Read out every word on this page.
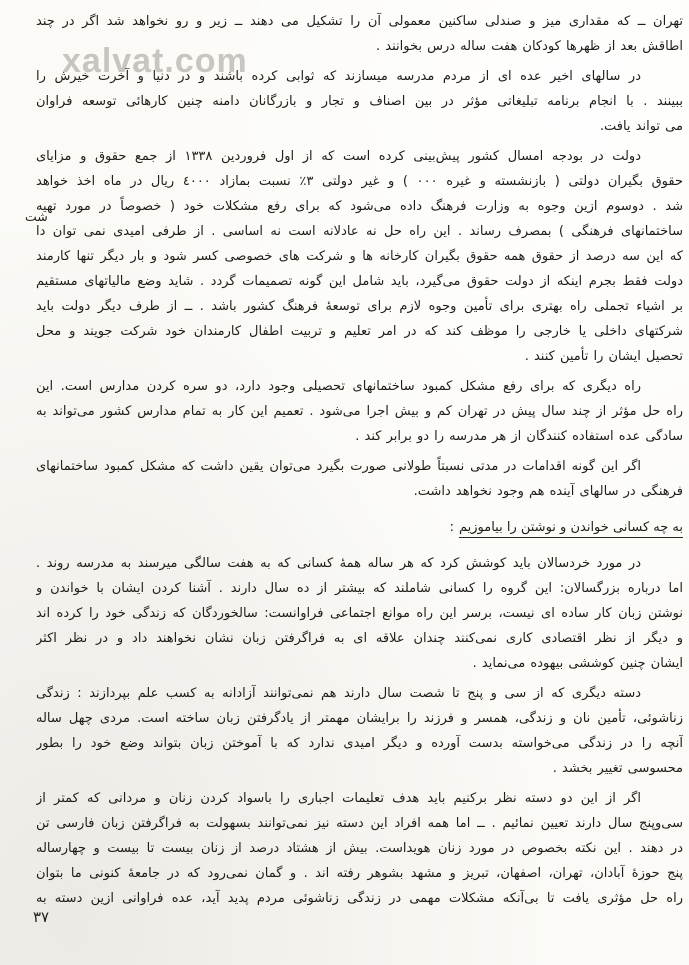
xalvat.com
تهران ــ که مقداری میز و صندلی ساکنین معمولی آن را تشکیل می دهند ــ زیر و رو نخواهد شد اگر در چند
اطاقش بعد از ظهرها کودکان هفت ساله درس بخوانند .
در سالهای اخیر عده ای از مردم مدرسه میسازند که ثوابی کرده باشند و در دنیا و آخرت خیرش را
ببینند . با انجام برنامه تبلیغاتی مؤثر در بین اصناف و تجار و بازرگانان دامنه چنین کارهائی توسعه فراوان
می تواند یافت.
شت
دولت در بودجه امسال کشور پیش‌بینی کرده است که از اول فروردین ۱۳۳۸ از جمع حقوق و مزایای
حقوق بگیران دولتی ( بازنشسته و غیره ۰۰۰ ) و غیر دولتی ۳٪ نسبت بمازاد ٤٠٠٠ ریال در ماه اخذ خواهد
شد . دوسوم ازین وجوه به وزارت فرهنگ داده می‌شود که برای رفع مشکلات خود ( خصوصاً در مورد تهیه
ساختمانهای فرهنگی ) بمصرف رساند . این راه حل نه عادلانه است نه اساسی . از طرفی امیدی نمی توان دا
که این سه درصد از حقوق همه حقوق بگیران کارخانه ها و شرکت های خصوصی کسر شود و بار دیگر تنها کارمند
دولت فقط بجرم اینکه از دولت حقوق می‌گیرد، باید شامل این گونه تصمیمات گردد . شاید وضع مالیاتهای مستقیم
بر اشیاء تجملی راه بهتری برای تأمین وجوه لازم برای توسعهٔ فرهنگ کشور باشد . ــ از طرف دیگر دولت باید
شرکتهای داخلی یا خارجی را موظف کند که در امر تعلیم و تربیت اطفال کارمندان خود شرکت جویند و محل
تحصیل ایشان را تأمین کنند .
راه دیگری که برای رفع مشکل کمبود ساختمانهای تحصیلی وجود دارد، دو سره کردن مدارس است. این
راه حل مؤثر از چند سال پیش در تهران کم و بیش اجرا می‌شود . تعمیم این کار به تمام مدارس کشور می‌تواند به
سادگی عده استفاده کنندگان از هر مدرسه را دو برابر کند .
اگر این گونه اقدامات در مدتی نسبتاً طولانی صورت بگیرد می‌توان یقین داشت که مشکل کمبود ساختمانهای
فرهنگی در سالهای آینده هم وجود نخواهد داشت.
به چه کسانی خواندن و نوشتن را بیاموزیم:
در مورد خردسالان باید کوشش کرد که هر ساله همهٔ کسانی که به هفت سالگی میرسند به مدرسه روند .
اما درباره بزرگسالان: این گروه را کسانی شاملند که بیشتر از ده سال دارند . آشنا کردن ایشان با خواندن و
نوشتن زبان کار ساده ای نیست، برسر این راه موانع اجتماعی فراوانست: سالخوردگان که زندگی خود را کرده اند
و دیگر از نظر اقتصادی کاری نمی‌کنند چندان علاقه ای به فراگرفتن زبان نشان نخواهند داد و در نظر اکثر
ایشان چنین کوششی بیهوده می‌نماید .
دسته دیگری که از سی و پنج تا شصت سال دارند هم نمی‌توانند آزادانه به کسب علم بپردازند : زندگی
زناشوئی، تأمین نان و زندگی، همسر و فرزند را برایشان مهمتر از یادگرفتن زبان ساخته است. مردی چهل ساله
آنچه را در زندگی می‌خواسته بدست آورده و دیگر امیدی ندارد که با آموختن زبان بتواند وضع خود را بطور
محسوسی تغییر بخشد .
اگر از این دو دسته نظر برکنیم باید هدف تعلیمات اجباری را باسواد کردن زنان و مردانی که کمتر از
سی‌وپنج سال دارند تعیین نمائیم . ــ اما همه افراد این دسته نیز نمی‌توانند بسهولت به فراگرفتن زبان فارسی تن
در دهند . این نکته بخصوص در مورد زنان هویداست. بیش از هشتاد درصد از زنان بیست تا بیست و چهارساله
پنج حوزهٔ آبادان، تهران، اصفهان، تبریز و مشهد بشوهر رفته اند . و گمان نمی‌رود که در جامعهٔ کنونی ما بتوان
راه حل مؤثری یافت تا بی‌آنکه مشکلات مهمی در زندگی زناشوئی مردم پدید آید، عده فراوانی ازین دسته به
٣٧
